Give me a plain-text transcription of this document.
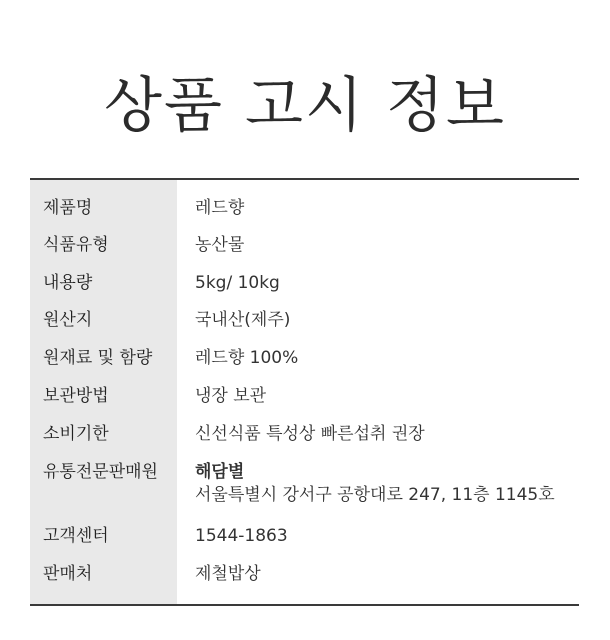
상품 고시 정보
제품명	레드향
식품유형	농산물
내용량	5kg/ 10kg
원산지	국내산(제주)
원재료 및 함량	레드향 100%
보관방법	냉장 보관
소비기한	신선식품 특성상 빠른섭취 권장
유통전문판매원	해담별
서울특별시 강서구 공항대로 247, 11층 1145호
고객센터	1544-1863
판매처	제철밥상
